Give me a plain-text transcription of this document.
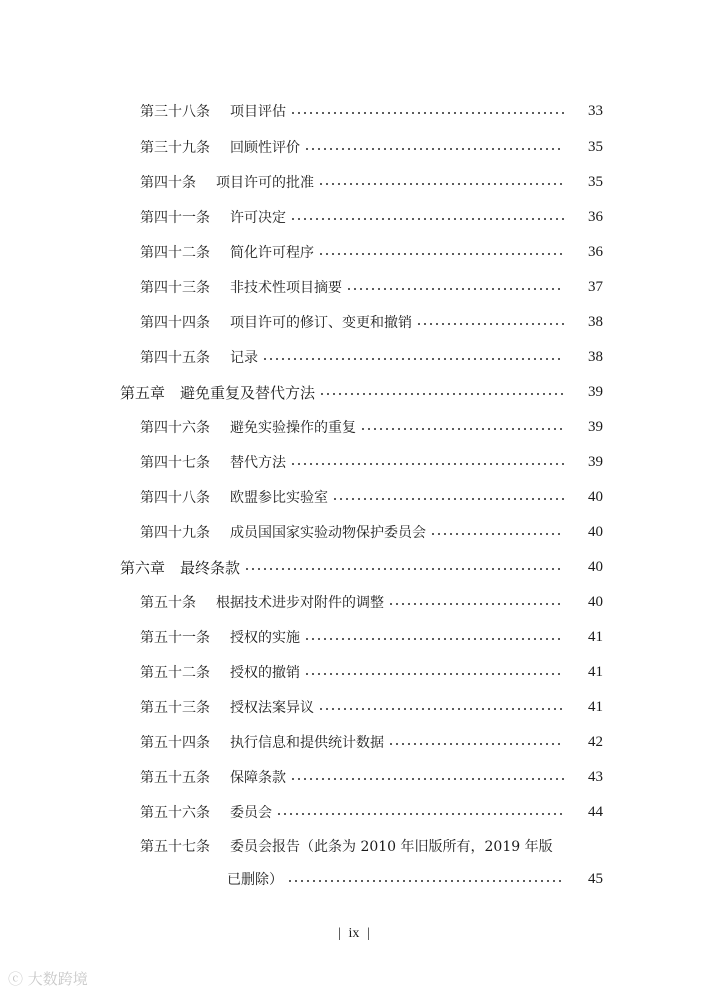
第三十八条	项目评估	33
第三十九条	回顾性评价	35
第四十条	项目许可的批准	35
第四十一条	许可决定	36
第四十二条	简化许可程序	36
第四十三条	非技术性项目摘要	37
第四十四条	项目许可的修订、变更和撤销	38
第四十五条	记录	38
第五章 避免重复及替代方法	39
第四十六条	避免实验操作的重复	39
第四十七条	替代方法	39
第四十八条	欧盟参比实验室	40
第四十九条	成员国国家实验动物保护委员会	40
第六章 最终条款	40
第五十条	根据技术进步对附件的调整	40
第五十一条	授权的实施	41
第五十二条	授权的撤销	41
第五十三条	授权法案异议	41
第五十四条	执行信息和提供统计数据	42
第五十五条	保障条款	43
第五十六条	委员会	44
第五十七条	委员会报告（此条为 2010 年旧版所有，2019 年版
已删除）	45
| ix |
ⓒ 大数跨境
